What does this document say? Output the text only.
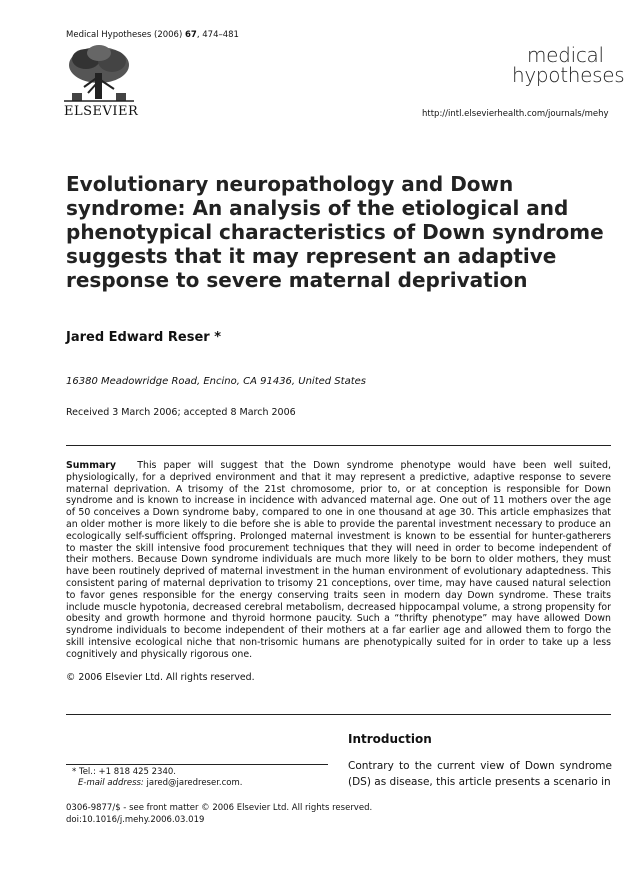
Medical Hypotheses (2006) 67, 474–481
ELSEVIER
medical
hypotheses
http://intl.elsevierhealth.com/journals/mehy
Evolutionary neuropathology and Down syndrome: An analysis of the etiological and phenotypical characteristics of Down syndrome suggests that it may represent an adaptive response to severe maternal deprivation
Jared Edward Reser *
16380 Meadowridge Road, Encino, CA 91436, United States
Received 3 March 2006; accepted 8 March 2006

Summary This paper will suggest that the Down syndrome phenotype would have been well suited, physiologically, for a deprived environment and that it may represent a predictive, adaptive response to severe maternal deprivation. A trisomy of the 21st chromosome, prior to, or at conception is responsible for Down syndrome and is known to increase in incidence with advanced maternal age. One out of 11 mothers over the age of 50 conceives a Down syndrome baby, compared to one in one thousand at age 30. This article emphasizes that an older mother is more likely to die before she is able to provide the parental investment necessary to produce an ecologically self-sufficient offspring. Prolonged maternal investment is known to be essential for hunter-gatherers to master the skill intensive food procurement techniques that they will need in order to become independent of their mothers. Because Down syndrome individuals are much more likely to be born to older mothers, they must have been routinely deprived of maternal investment in the human environment of evolutionary adaptedness. This consistent paring of maternal deprivation to trisomy 21 conceptions, over time, may have caused natural selection to favor genes responsible for the energy conserving traits seen in modern day Down syndrome. These traits include muscle hypotonia, decreased cerebral metabolism, decreased hippocampal volume, a strong propensity for obesity and growth hormone and thyroid hormone paucity. Such a “thrifty phenotype” may have allowed Down syndrome individuals to become independent of their mothers at a far earlier age and allowed them to forgo the skill intensive ecological niche that non-trisomic humans are phenotypically suited for in order to take up a less cognitively and physically rigorous one.

© 2006 Elsevier Ltd. All rights reserved.
Introduction

Contrary to the current view of Down syndrome (DS) as disease, this article presents a scenario in

* Tel.: +1 818 425 2340.
E-mail address: jared@jaredreser.com.
0306-9877/$ - see front matter © 2006 Elsevier Ltd. All rights reserved.
doi:10.1016/j.mehy.2006.03.019
